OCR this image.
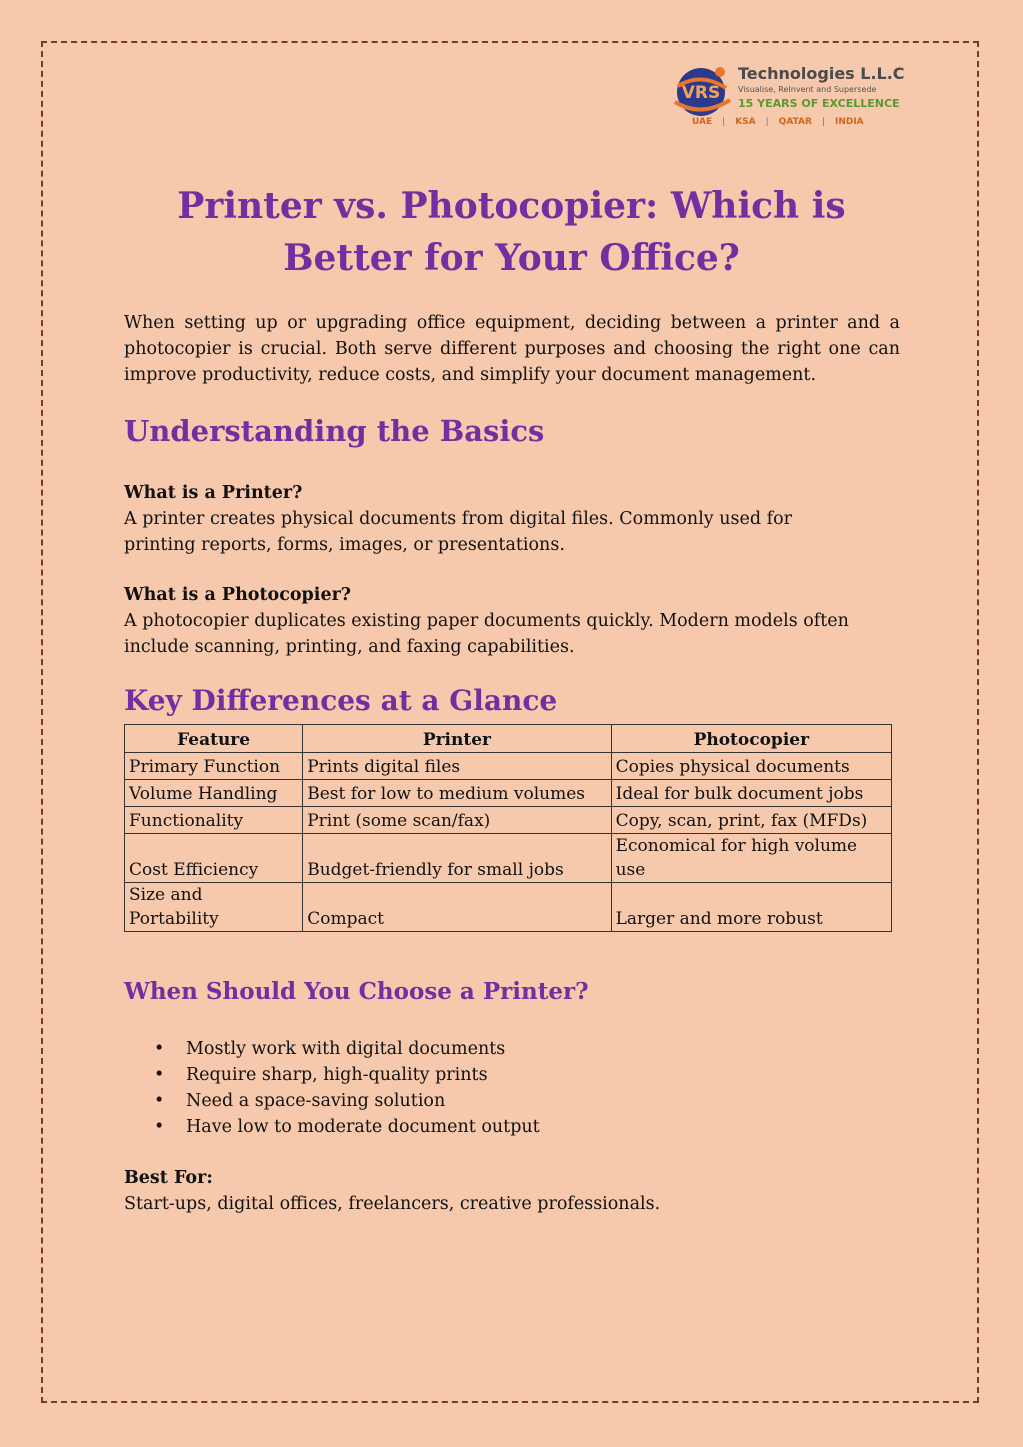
VRS
Technologies L.L.C
Visualise, ReInvent and Supersede
15 YEARS OF EXCELLENCE
UAE | KSA | QATAR | INDIA
Printer vs. Photocopier: Which is Better for Your Office?

When setting up or upgrading office equipment, deciding between a printer and a photocopier is crucial. Both serve different purposes and choosing the right one can improve productivity, reduce costs, and simplify your document management.

Understanding the Basics

What is a Printer?

A printer creates physical documents from digital files. Commonly used for printing reports, forms, images, or presentations.

What is a Photocopier?

A photocopier duplicates existing paper documents quickly. Modern models often include scanning, printing, and faxing capabilities.

Key Differences at a Glance
Feature	Printer	Photocopier
Primary Function	Prints digital files	Copies physical documents
Volume Handling	Best for low to medium volumes	Ideal for bulk document jobs
Functionality	Print (some scan/fax)	Copy, scan, print, fax (MFDs)
Cost Efficiency	Budget-friendly for small jobs	Economical for high volume use

Size and Portability	Compact	Larger and more robust
When Should You Choose a Printer?
• Mostly work with digital documents
• Require sharp, high-quality prints
• Need a space-saving solution
• Have low to moderate document output

Best For:

Start-ups, digital offices, freelancers, creative professionals.
